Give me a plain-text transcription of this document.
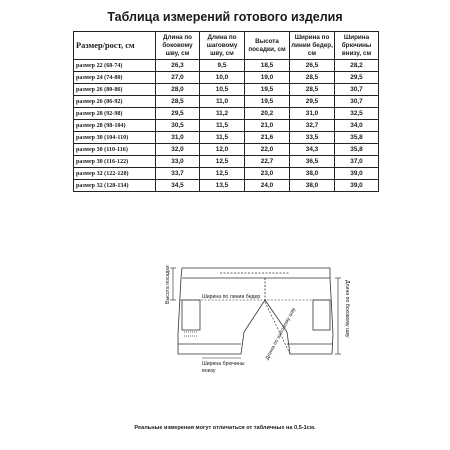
Таблица измерений готового изделия
Размер/рост, см	Длина по боковому шву, см	Длина по шаговому шву, см	Высота посадки, см	Ширина по линии бедер, см	Ширина брючины внизу, см
размер 22 (68-74)	26,3	9,5	18,5	26,5	28,2
размер 24 (74-80)	27,0	10,0	19,0	28,5	29,5
размер 26 (80-86)	28,0	10,5	19,5	28,5	30,7
размер 26 (86-92)	28,5	11,0	19,5	29,5	30,7
размер 28 (92-98)	29,5	11,2	20,2	31,0	32,5
размер 28 (98-104)	30,5	11,5	21,0	32,7	34,0
размер 30 (104-110)	31,0	11,5	21,6	33,5	35,8
размер 30 (110-116)	32,0	12,0	22,0	34,3	35,8
размер 30 (116-122)	33,0	12,5	22,7	36,5	37,0
размер 32 (122-128)	33,7	12,5	23,0	38,0	39,0
размер 32 (128-134)	34,5	13,5	24,0	38,0	39,0
Высота посадки	Ширина по линии бедер	Длина по боковому шву
Ширина брючины
внизу
Длина по шаговому шву
Реальные измерения могут отличаться от табличных на 0,5-1см.
